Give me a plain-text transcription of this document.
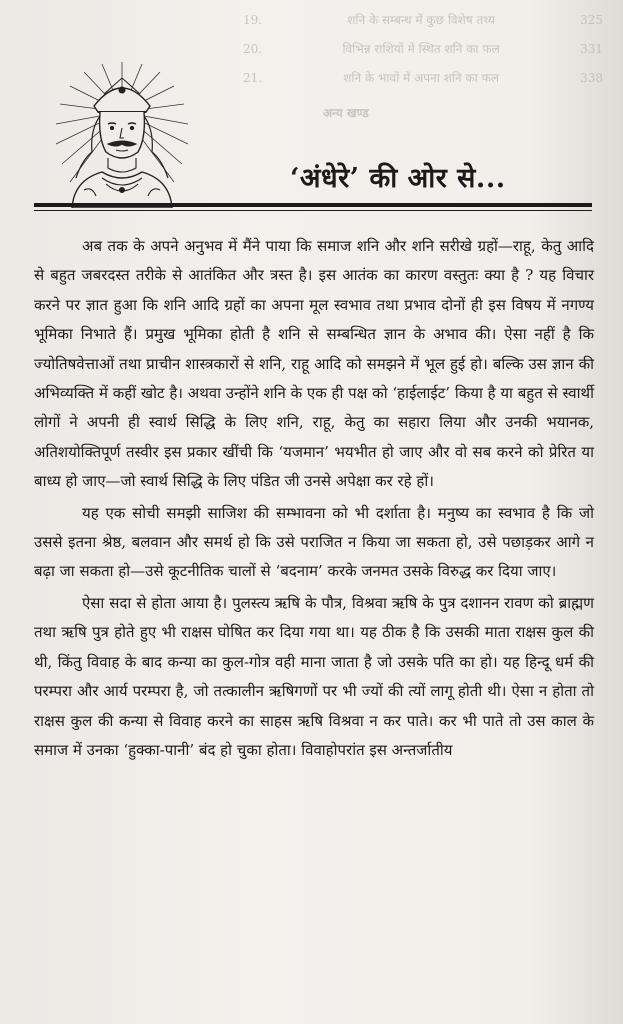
19.	शनि के सम्बन्ध में कुछ विशेष तथ्य	325
20.	विभिन्न राशियों में स्थित शनि का फल	331
21.	शनि के भावों में अपना शनि का फल	338
अन्य खण्ड
‘अंधेरे’ की ओर से...

अब तक के अपने अनुभव में मैंने पाया कि समाज शनि और शनि सरीखे ग्रहों—राहू, केतु आदि से बहुत जबरदस्त तरीके से आतंकित और त्रस्त है। इस आतंक का कारण वस्तुतः क्या है ? यह विचार करने पर ज्ञात हुआ कि शनि आदि ग्रहों का अपना मूल स्वभाव तथा प्रभाव दोनों ही इस विषय में नगण्य भूमिका निभाते हैं। प्रमुख भूमिका होती है शनि से सम्बन्धित ज्ञान के अभाव की। ऐसा नहीं है कि ज्योतिषवेत्ताओं तथा प्राचीन शास्त्रकारों से शनि, राहू आदि को समझने में भूल हुई हो। बल्कि उस ज्ञान की अभिव्यक्ति में कहीं खोट है। अथवा उन्होंने शनि के एक ही पक्ष को ‘हाईलाईट’ किया है या बहुत से स्वार्थी लोगों ने अपनी ही स्वार्थ सिद्धि के लिए शनि, राहू, केतु का सहारा लिया और उनकी भयानक, अतिशयोक्तिपूर्ण तस्वीर इस प्रकार खींची कि ‘यजमान’ भयभीत हो जाए और वो सब करने को प्रेरित या बाध्य हो जाए—जो स्वार्थ सिद्धि के लिए पंडित जी उनसे अपेक्षा कर रहे हों।

यह एक सोची समझी साजिश की सम्भावना को भी दर्शाता है। मनुष्य का स्वभाव है कि जो उससे इतना श्रेष्ठ, बलवान और समर्थ हो कि उसे पराजित न किया जा सकता हो, उसे पछाड़कर आगे न बढ़ा जा सकता हो—उसे कूटनीतिक चालों से ‘बदनाम’ करके जनमत उसके विरुद्ध कर दिया जाए।

ऐसा सदा से होता आया है। पुलस्त्य ऋषि के पौत्र, विश्रवा ऋषि के पुत्र दशानन रावण को ब्राह्मण तथा ऋषि पुत्र होते हुए भी राक्षस घोषित कर दिया गया था। यह ठीक है कि उसकी माता राक्षस कुल की थी, किंतु विवाह के बाद कन्या का कुल-गोत्र वही माना जाता है जो उसके पति का हो। यह हिन्दू धर्म की परम्परा और आर्य परम्परा है, जो तत्कालीन ऋषिगणों पर भी ज्यों की त्यों लागू होती थी। ऐसा न होता तो राक्षस कुल की कन्या से विवाह करने का साहस ऋषि विश्रवा न कर पाते। कर भी पाते तो उस काल के समाज में उनका ‘हुक्का-पानी’ बंद हो चुका होता। विवाहोपरांत इस अन्तर्जातीय
